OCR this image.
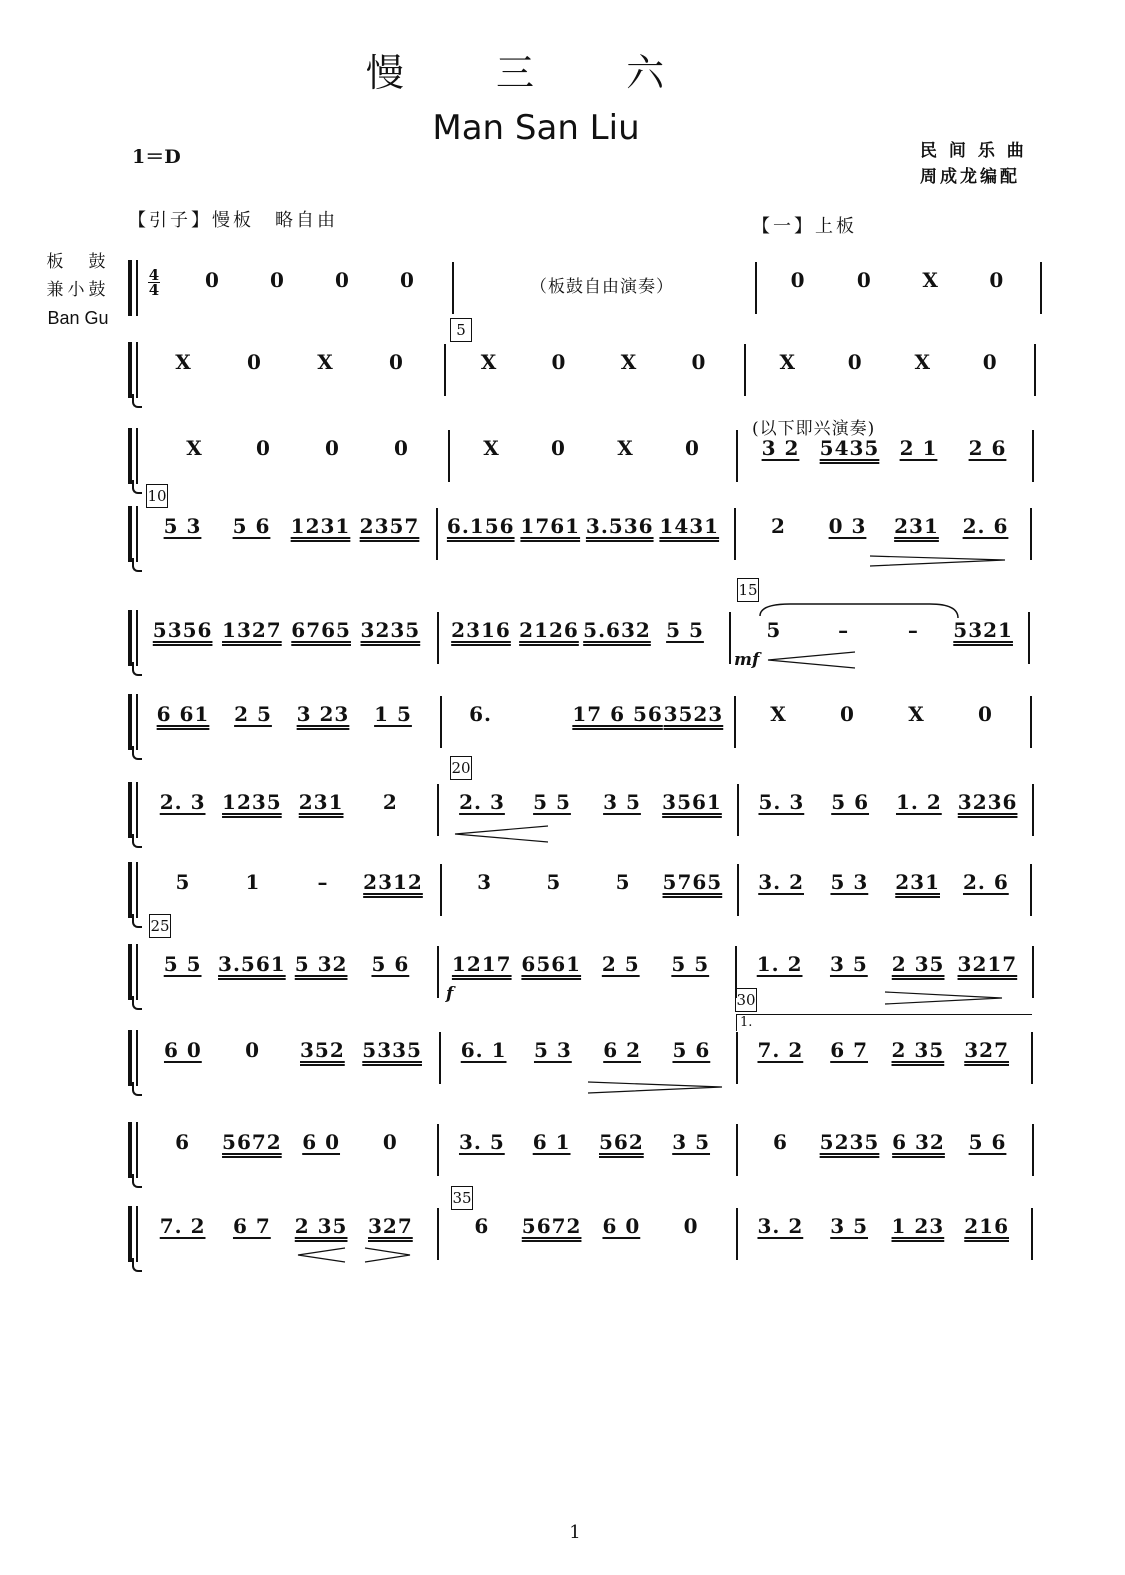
慢 三 六
Man San Liu
1＝D	民 间 乐 曲
周成龙编配
【引子】慢板　略自由	【一】上板
板　鼓
兼小鼓
Ban Gu
4
4	（板鼓自由演奏）
(以下即兴演奏)
5
10
15
20
25
30
35
1.
mf
f
0	0	0	0	0	0	X	0
X	0	X	0	X	0	X	0	X	0	X	0
X	0	0	0	X	0	X	0	3 2	5435	2 1	2 6
5 3	5 6	1231 2357 6.156 1761 3.536 1431	2	0 3	231	2. 6
5356 1327 6765 3235 2316 2126 5.632 5 5	5	–	–	5321
6 61	2 5	3 23	1 5	6.	17 6 56 3523	X	0	X	0
2. 3 1235 231	2	2. 3	5 5	3 5	3561	5. 3	5 6	1. 2 3236
5	1	–	2312	3	5	5	5765	3. 2	5 3	231	2. 6
5 5 3.561 5 32	5 6	1217 6561	2 5	5 5	1. 2	3 5	2 35 3217
6 0	0	352 5335	6. 1	5 3	6 2	5 6	7. 2	6 7	2 35	327
6	5672	6 0	0	3. 5	6 1	562	3 5	6	5235 6 32	5 6
7. 2	6 7	2 35	327	6	5672	6 0	0	3. 2	3 5	1 23	216
1
